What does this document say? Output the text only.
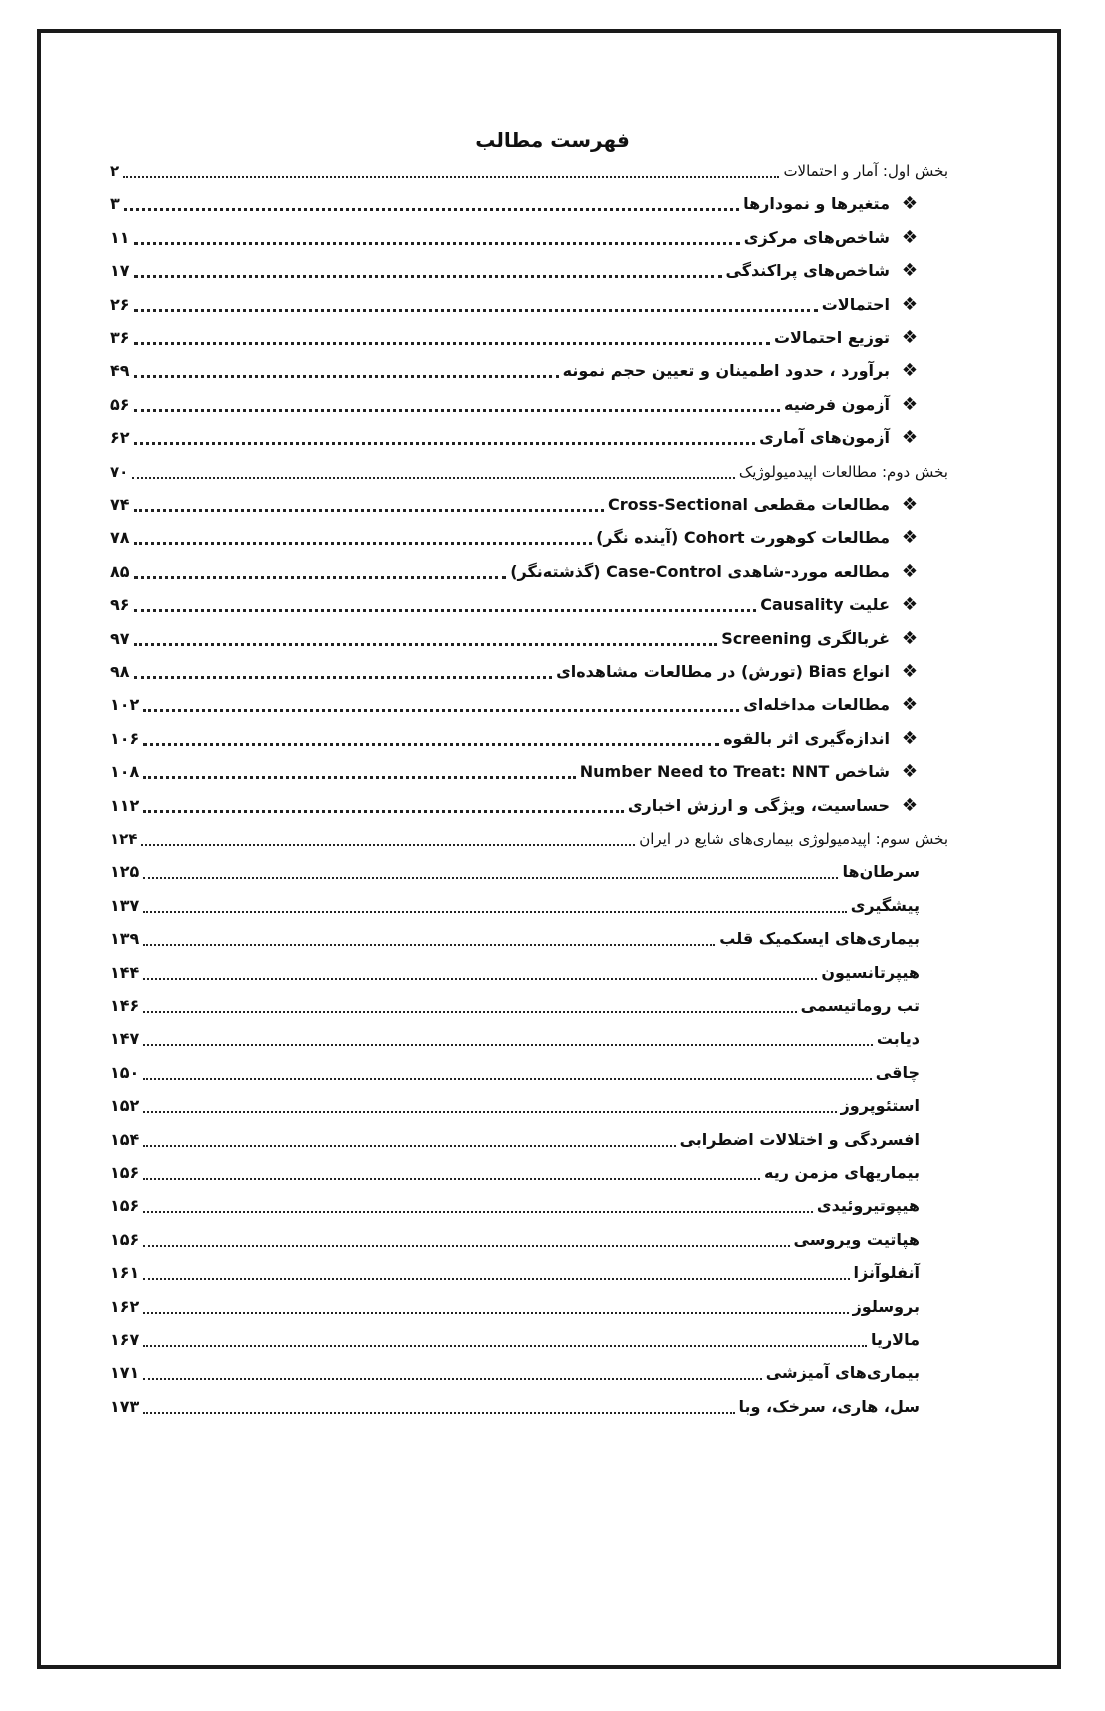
فهرست مطالب
۲	بخش اول: آمار و احتمالات
۳	متغیرها و نمودارها ❖
۱۱	شاخص‌های مرکزی ❖
۱۷	شاخص‌های پراکندگی ❖
۲۶	احتمالات ❖
۳۶	توزیع احتمالات ❖
۴۹	برآورد ، حدود اطمینان و تعیین حجم نمونه ❖
۵۶	آزمون فرضیه ❖
۶۲	آزمون‌های آماری ❖
۷۰	بخش دوم: مطالعات اپیدمیولوژیک
۷۴	مطالعات مقطعی Cross-Sectional ❖
۷۸	مطالعات کوهورت Cohort (آینده نگر) ❖
۸۵	مطالعه مورد-شاهدی Case-Control (گذشته‌نگر) ❖
۹۶	علیت Causality ❖
۹۷	غربالگری Screening ❖
۹۸	انواع Bias (تورش) در مطالعات مشاهده‌ای ❖
۱۰۲	مطالعات مداخله‌ای ❖
۱۰۶	اندازه‌گیری اثر بالقوه ❖
۱۰۸	شاخص Number Need to Treat: NNT ❖
۱۱۲	حساسیت، ویژگی و ارزش اخباری ❖
۱۲۴	بخش سوم: اپیدمیولوژی بیماری‌های شایع در ایران
۱۲۵	سرطان‌ها
۱۳۷	پیشگیری
۱۳۹	بیماری‌های ایسکمیک قلب
۱۴۴	هیپرتانسیون
۱۴۶	تب روماتیسمی
۱۴۷	دیابت
۱۵۰	چاقی
۱۵۲	استئوپروز
۱۵۴	افسردگی و اختلالات اضطرابی
۱۵۶	بیماریهای مزمن ریه
۱۵۶	هیپوتیروئیدی
۱۵۶	هپاتیت ویروسی
۱۶۱	آنفلوآنزا
۱۶۲	بروسلوز
۱۶۷	مالاریا
۱۷۱	بیماری‌های آمیزشی
۱۷۳	سل، هاری، سرخک، وبا
